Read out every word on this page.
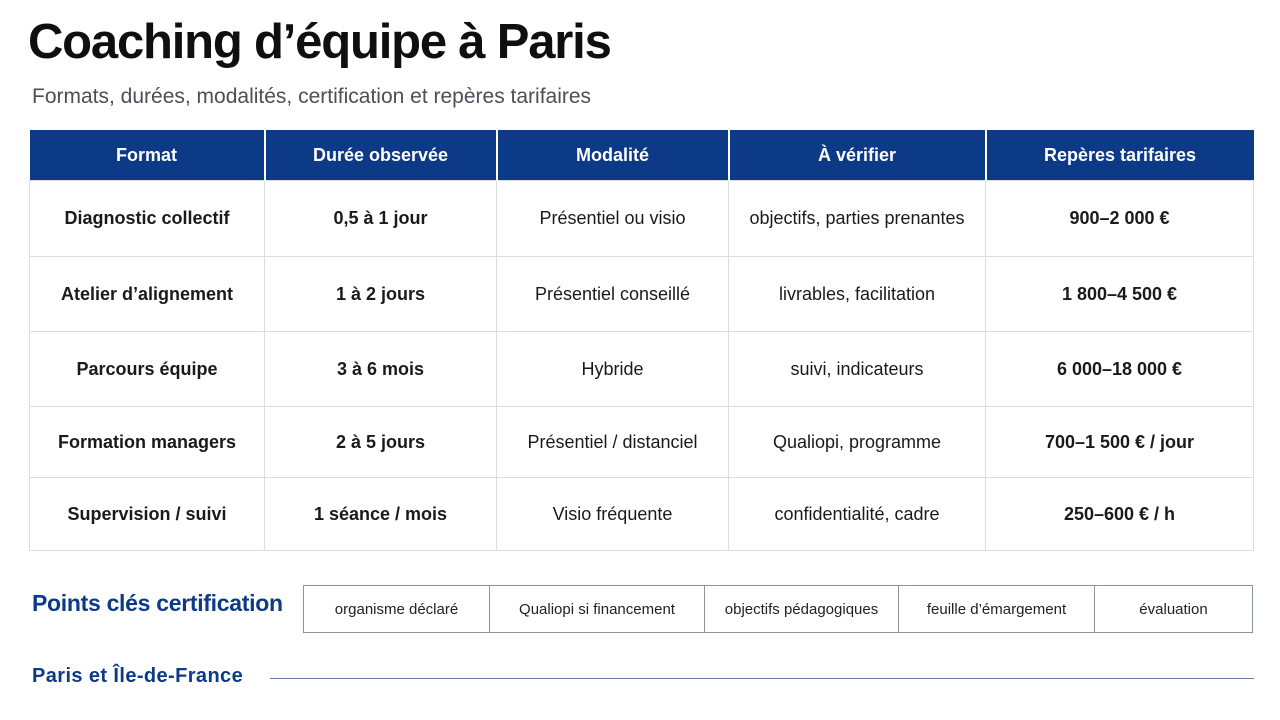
Coaching d’équipe à Paris
Formats, durées, modalités, certification et repères tarifaires
Format	Durée observée	Modalité	À vérifier	Repères tarifaires
Diagnostic collectif	0,5 à 1 jour	Présentiel ou visio	objectifs, parties prenantes	900–2 000 €
Atelier d’alignement	1 à 2 jours	Présentiel conseillé	livrables, facilitation	1 800–4 500 €
Parcours équipe	3 à 6 mois	Hybride	suivi, indicateurs	6 000–18 000 €
Formation managers	2 à 5 jours	Présentiel / distanciel	Qualiopi, programme	700–1 500 € / jour
Supervision / suivi	1 séance / mois	Visio fréquente	confidentialité, cadre	250–600 € / h
Points clés certification	organisme déclaré	Qualiopi si financement	objectifs pédagogiques	feuille d’émargement	évaluation
Paris et Île-de-France
